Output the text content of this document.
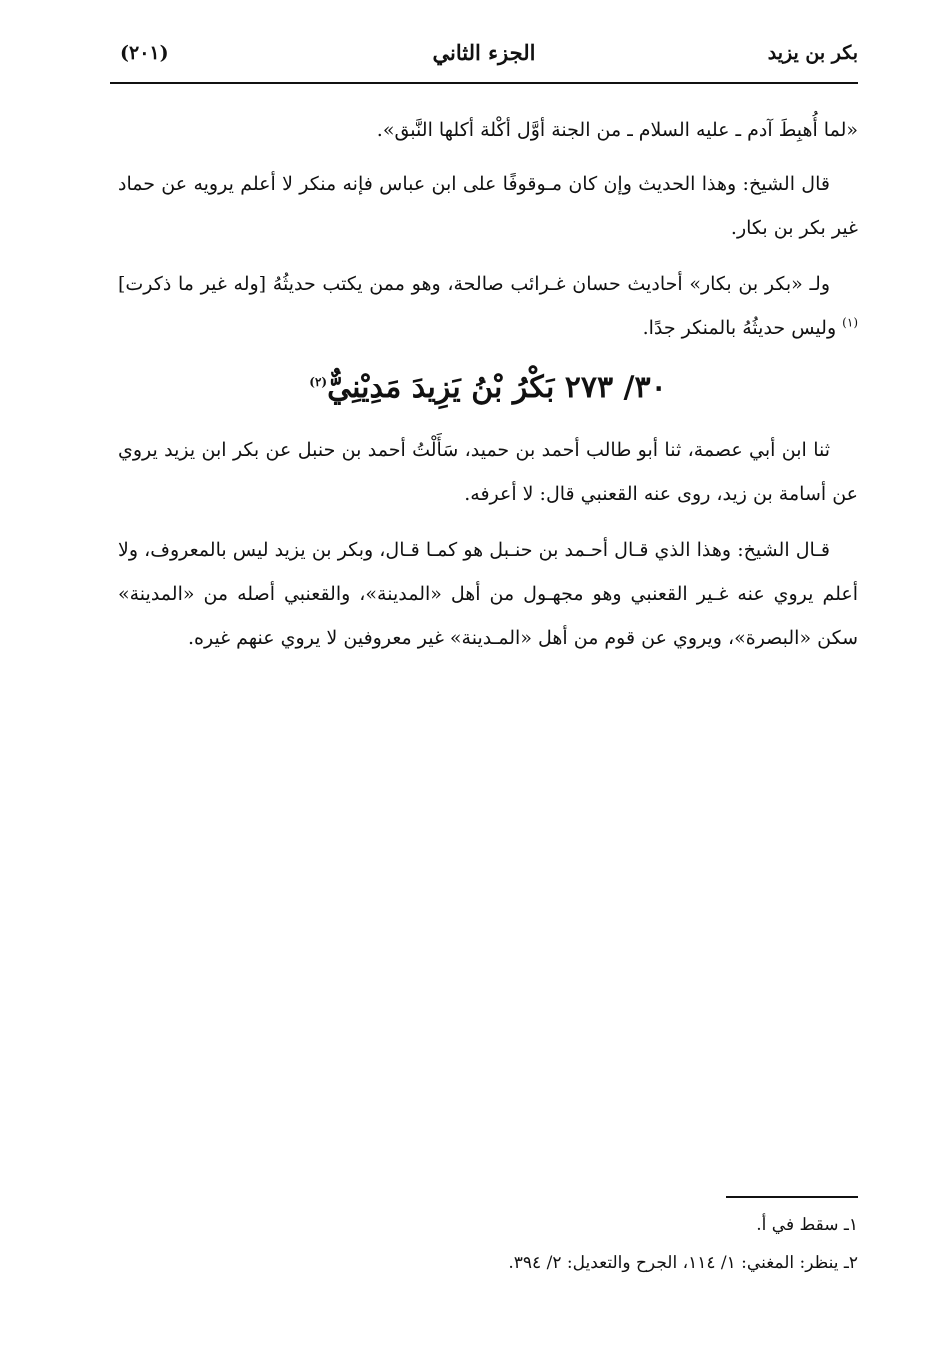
بكر بن يزيد
الجزء الثاني
(٢٠١)

«لما أُهبِطَ آدم ـ عليه السلام ـ من الجنة أوَّل أكْلة أكلها النَّبق».

قال الشيخ: وهذا الحديث وإن كان مـوقوفًا على ابن عباس فإنه منكر لا أعلم يرويه عن حماد غير بكر بن بكار.

ولـ «بكر بن بكار» أحاديث حسان غـرائب صالحة، وهو ممن يكتب حديثُهُ [وله غير ما ذكرت]$^{(١)}$ وليس حديثُهُ بالمنكر جدًا.

٣٠/ ٢٧٣ بَكْرُ بْنُ يَزِيدَ مَدِيْنِيٌّ$^{(٢)}$

ثنا ابن أبي عصمة، ثنا أبو طالب أحمد بن حميد، سَأَلْتُ أحمد بن حنبل عن بكر ابن يزيد يروي عن أسامة بن زيد، روى عنه القعنبي قال: لا أعرفه.

قـال الشيخ: وهذا الذي قـال أحـمد بن حنـبل هو كمـا قـال، وبكر بن يزيد ليس بالمعروف، ولا أعلم يروي عنه غـير القعنبي وهو مجهـول من أهل «المدينة»، والقعنبي أصله من «المدينة» سكن «البصرة»، ويروي عن قوم من أهل «المـدينة» غير معروفين لا يروي عنهم غيره.

١ـ سقط في أ.

٢ـ ينظر: المغني: ١/ ١١٤، الجرح والتعديل: ٢/ ٣٩٤.
